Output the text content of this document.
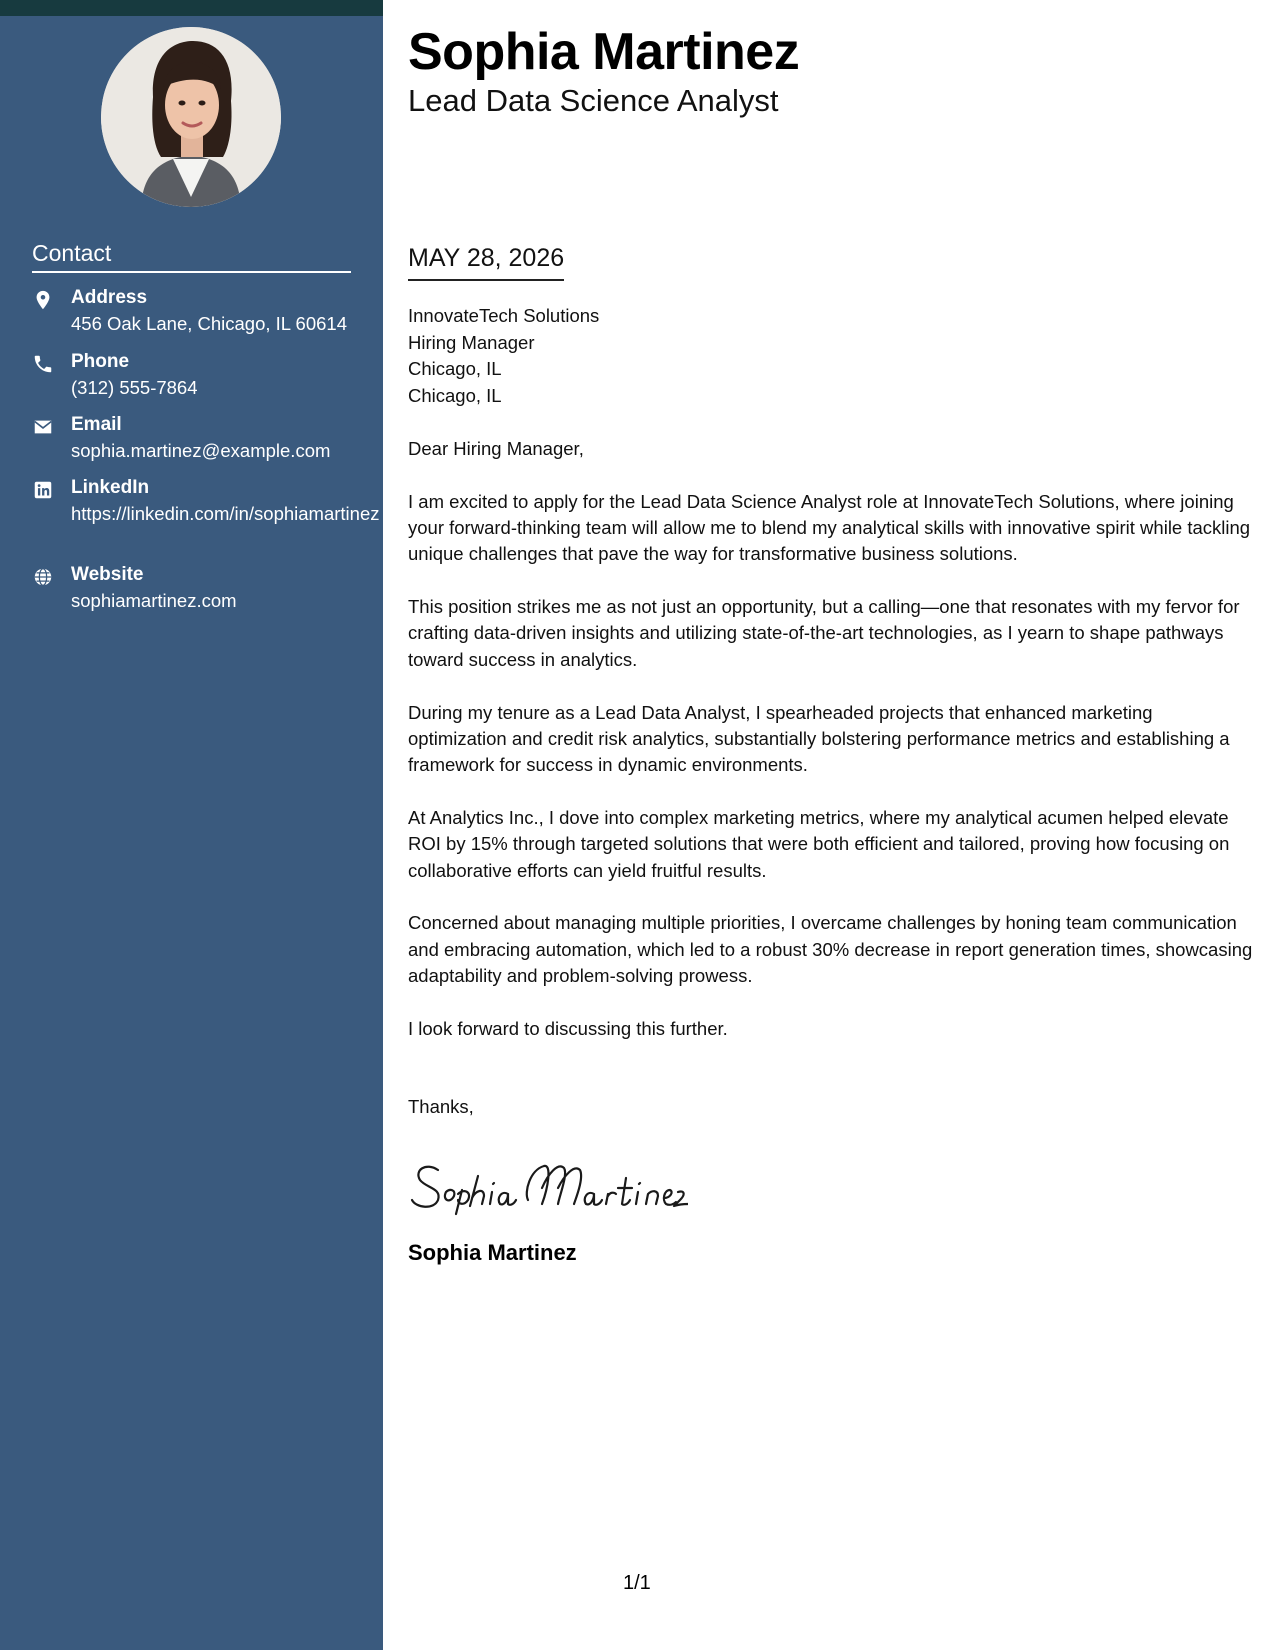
Contact
Address
456 Oak Lane, Chicago, IL 60614
Phone
(312) 555-7864
Email
sophia.martinez@example.com
LinkedIn
https://linkedin.com/in/sophiamartinez
Website
sophiamartinez.com
Sophia Martinez
Lead Data Science Analyst
MAY 28, 2026
InnovateTech Solutions
Hiring Manager
Chicago, IL
Chicago, IL

Dear Hiring Manager,

I am excited to apply for the Lead Data Science Analyst role at InnovateTech Solutions, where joining your forward-thinking team will allow me to blend my analytical skills with innovative spirit while tackling unique challenges that pave the way for transformative business solutions.

This position strikes me as not just an opportunity, but a calling—one that resonates with my fervor for crafting data-driven insights and utilizing state-of-the-art technologies, as I yearn to shape pathways toward success in analytics.

During my tenure as a Lead Data Analyst, I spearheaded projects that enhanced marketing optimization and credit risk analytics, substantially bolstering performance metrics and establishing a framework for success in dynamic environments.

At Analytics Inc., I dove into complex marketing metrics, where my analytical acumen helped elevate ROI by 15% through targeted solutions that were both efficient and tailored, proving how focusing on collaborative efforts can yield fruitful results.

Concerned about managing multiple priorities, I overcame challenges by honing team communication and embracing automation, which led to a robust 30% decrease in report generation times, showcasing adaptability and problem-solving prowess.

I look forward to discussing this further.

Thanks,
Sophia Martinez
1/1
